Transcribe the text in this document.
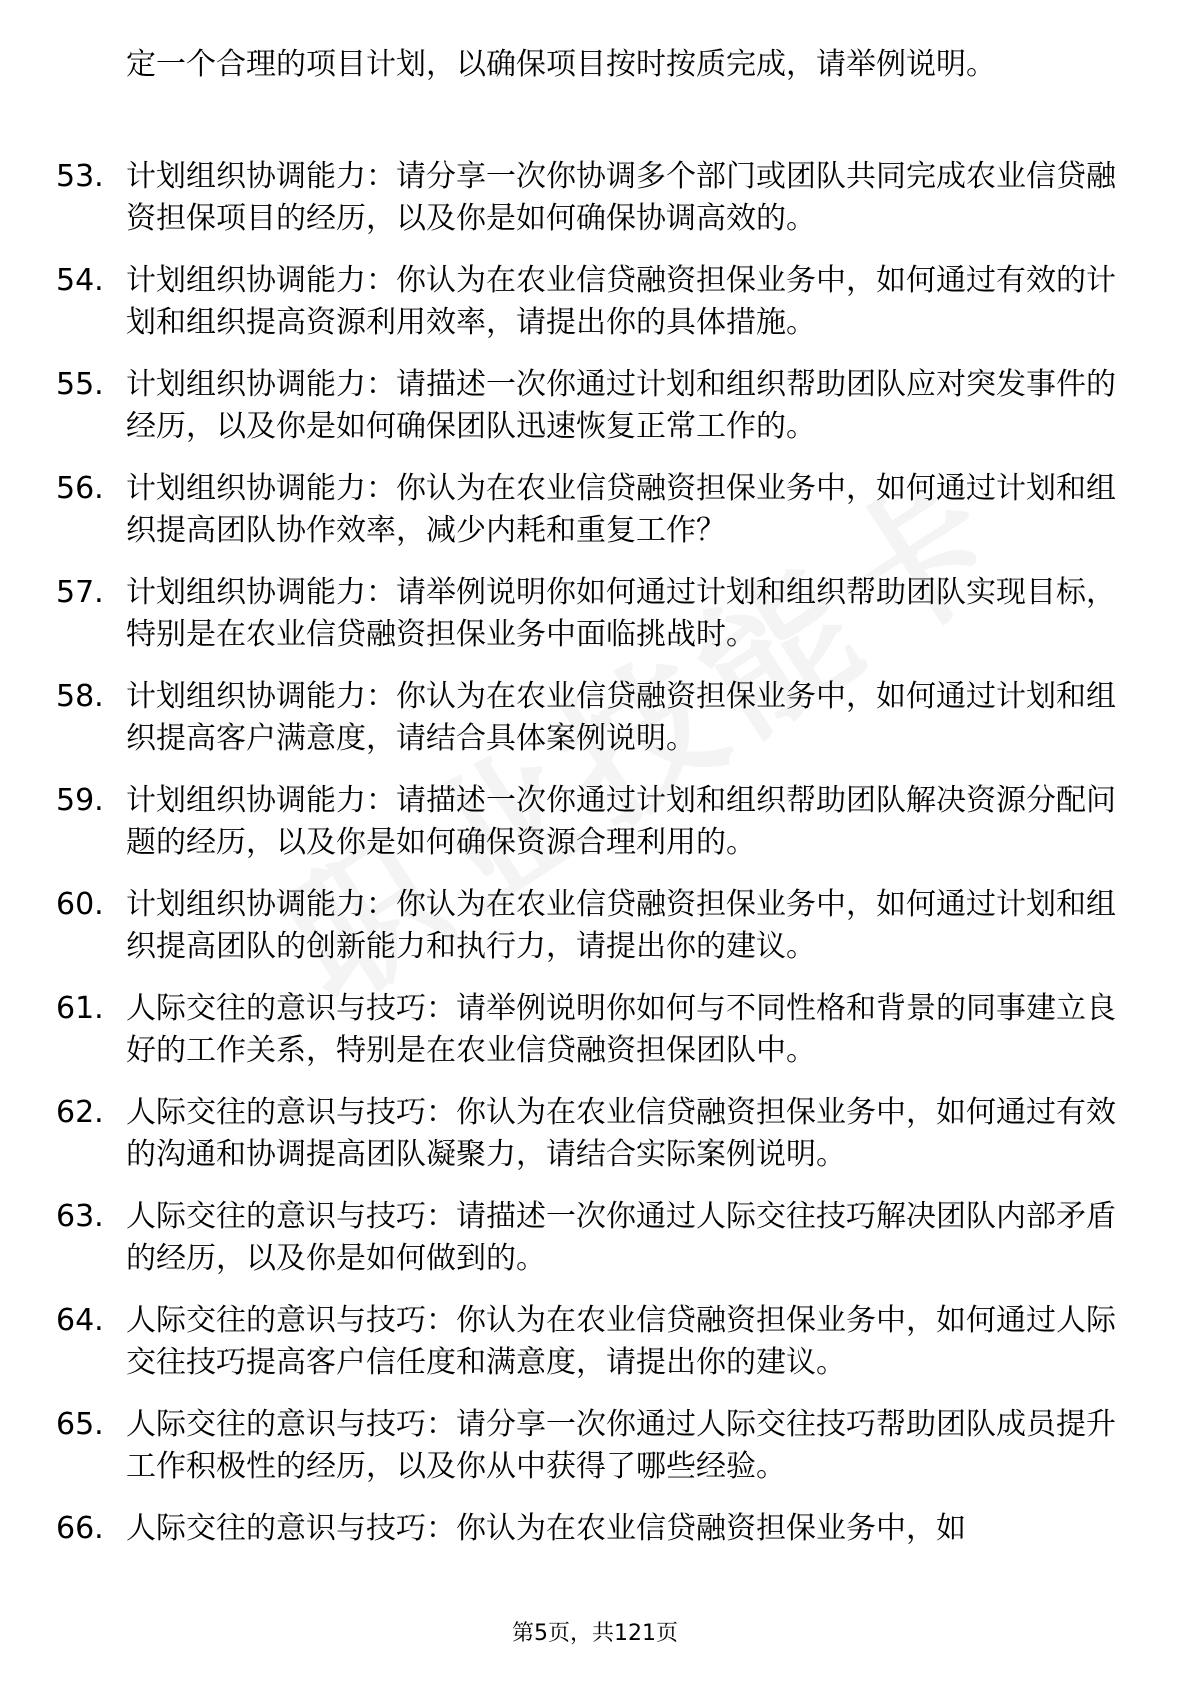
定一个合理的项目计划，以确保项目按时按质完成，请举例说明。
53. 计划组织协调能力：请分享一次你协调多个部门或团队共同完成农业信贷融资担保项目的经历，以及你是如何确保协调高效的。
54. 计划组织协调能力：你认为在农业信贷融资担保业务中，如何通过有效的计划和组织提高资源利用效率，请提出你的具体措施。
55. 计划组织协调能力：请描述一次你通过计划和组织帮助团队应对突发事件的经历，以及你是如何确保团队迅速恢复正常工作的。
56. 计划组织协调能力：你认为在农业信贷融资担保业务中，如何通过计划和组织提高团队协作效率，减少内耗和重复工作？
57. 计划组织协调能力：请举例说明你如何通过计划和组织帮助团队实现目标，特别是在农业信贷融资担保业务中面临挑战时。
58. 计划组织协调能力：你认为在农业信贷融资担保业务中，如何通过计划和组织提高客户满意度，请结合具体案例说明。
59. 计划组织协调能力：请描述一次你通过计划和组织帮助团队解决资源分配问题的经历，以及你是如何确保资源合理利用的。
60. 计划组织协调能力：你认为在农业信贷融资担保业务中，如何通过计划和组织提高团队的创新能力和执行力，请提出你的建议。
61. 人际交往的意识与技巧：请举例说明你如何与不同性格和背景的同事建立良好的工作关系，特别是在农业信贷融资担保团队中。
62. 人际交往的意识与技巧：你认为在农业信贷融资担保业务中，如何通过有效的沟通和协调提高团队凝聚力，请结合实际案例说明。
63. 人际交往的意识与技巧：请描述一次你通过人际交往技巧解决团队内部矛盾的经历，以及你是如何做到的。
64. 人际交往的意识与技巧：你认为在农业信贷融资担保业务中，如何通过人际交往技巧提高客户信任度和满意度，请提出你的建议。
65. 人际交往的意识与技巧：请分享一次你通过人际交往技巧帮助团队成员提升工作积极性的经历，以及你从中获得了哪些经验。
66. 人际交往的意识与技巧：你认为在农业信贷融资担保业务中，如
第5页，共121页
